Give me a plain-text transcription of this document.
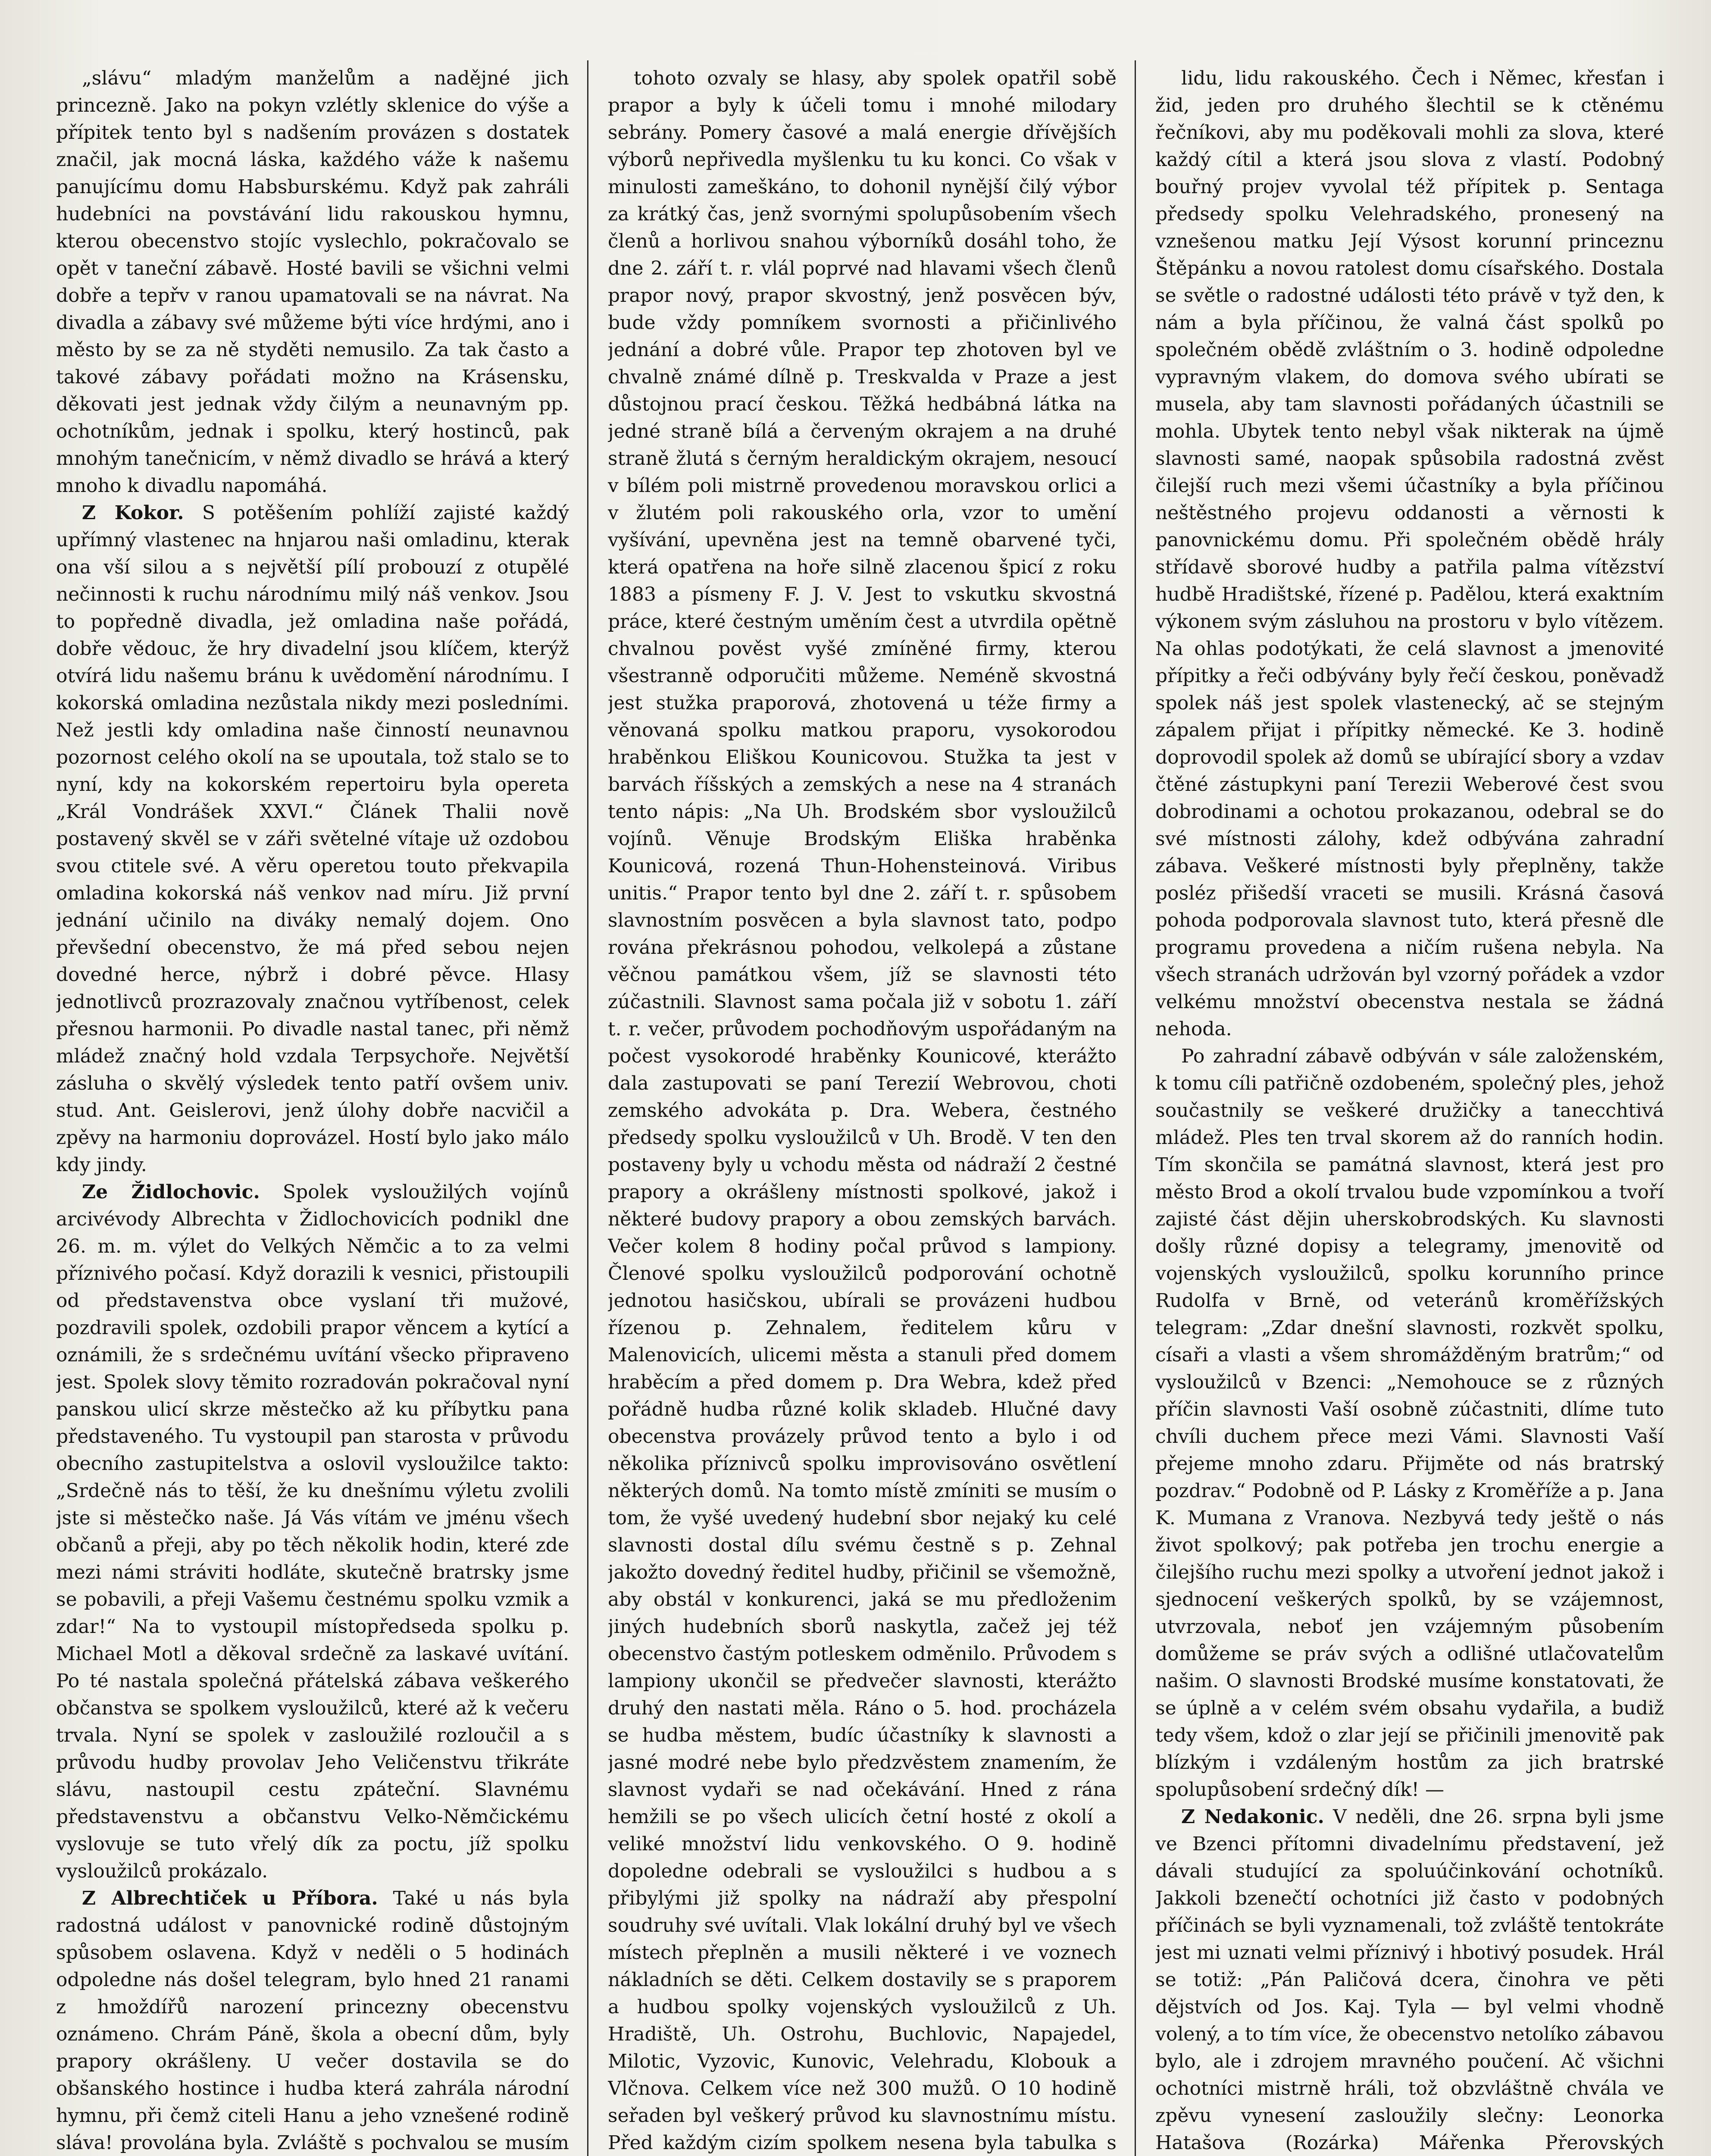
„slávu“ mladým manželům a nadějné jich princezně. Jako na pokyn vzlétly sklenice do výše a přípitek tento byl s nadšením provázen s dostatek značil, jak mocná láska, každého váže k našemu panujícímu domu Habsburskému. Když pak zahráli hudebníci na povstávání lidu rakouskou hymnu, kterou obecenstvo stojíc vyslechlo, pokračovalo se opět v taneční zábavě. Hosté bavili se všichni velmi dobře a tepřv v ranou upamatovali se na návrat. Na divadla a zábavy své můžeme býti více hrdými, ano i město by se za ně styděti nemusilo. Za tak často a takové zábavy pořádati možno na Krásensku, děkovati jest jednak vždy čilým a neunavným pp. ochotníkům, jednak i spolku, který hostinců, pak mnohým tanečnicím, v němž divadlo se hrává a který mnoho k divadlu napomáhá.

Z Kokor. S potěšením pohlíží zajisté každý upřímný vlastenec na hnjarou naši omladinu, kterak ona vší silou a s největší pílí probouzí z otupělé nečinnosti k ruchu národnímu milý náš venkov. Jsou to popředně divadla, jež omladina naše pořádá, dobře vědouc, že hry divadelní jsou klíčem, kterýž otvírá lidu našemu bránu k uvědomění národnímu. I kokorská omladina nezůstala nikdy mezi posledními. Než jestli kdy omladina naše činností neunavnou pozornost celého okolí na se upoutala, tož stalo se to nyní, kdy na kokorském repertoiru byla opereta „Král Vondrášek XXVI.“ Článek Thalii nově postavený skvěl se v záři světelné vítaje už ozdobou svou ctitele své. A věru operetou touto překvapila omladina kokorská náš venkov nad míru. Již první jednání učinilo na diváky nemalý dojem. Ono převšední obecenstvo, že má před sebou nejen dovedné herce, nýbrž i dobré pěvce. Hlasy jednotlivců prozrazovaly značnou vytříbenost, celek přesnou harmonii. Po divadle nastal tanec, při němž mládež značný hold vzdala Terpsychoře. Největší zásluha o skvělý výsledek tento patří ovšem univ. stud. Ant. Geislerovi, jenž úlohy dobře nacvičil a zpěvy na harmoniu doprovázel. Hostí bylo jako málo kdy jindy.

Ze Židlochovic. Spolek vysloužilých vojínů arcivévody Albrechta v Židlochovicích podnikl dne 26. m. m. výlet do Velkých Němčic a to za velmi příznivého počasí. Když dorazili k vesnici, přistoupili od představenstva obce vyslaní tři mužové, pozdravili spolek, ozdobili prapor věncem a kytící a oznámili, že s srdečnému uvítání všecko připraveno jest. Spolek slovy těmito rozradován pokračoval nyní panskou ulicí skrze městečko až ku příbytku pana představeného. Tu vystoupil pan starosta v průvodu obecního zastupitelstva a oslovil vysloužilce takto: „Srdečně nás to těší, že ku dnešnímu výletu zvolili jste si městečko naše. Já Vás vítám ve jménu všech občanů a přeji, aby po těch několik hodin, které zde mezi námi stráviti hodláte, skutečně bratrsky jsme se pobavili, a přeji Vašemu čestnému spolku vzmik a zdar!“ Na to vystoupil místopředseda spolku p. Michael Motl a děkoval srdečně za laskavé uvítání. Po té nastala společná přátelská zábava veškerého občanstva se spolkem vysloužilců, které až k večeru trvala. Nyní se spolek v zasloužilé rozloučil a s průvodu hudby provolav Jeho Veličenstvu třikráte slávu, nastoupil cestu zpáteční. Slavnému představenstvu a občanstvu Velko-Němčickému vyslovuje se tuto vřelý dík za poctu, jíž spolku vysloužilců prokázalo.

Z Albrechtiček u Příbora. Také u nás byla radostná událost v panovnické rodině důstojným spůsobem oslavena. Když v neděli o 5 hodinách odpoledne nás došel telegram, bylo hned 21 ranami z hmoždířů narození princezny obecenstvu oznámeno. Chrám Páně, škola a obecní dům, byly prapory okrášleny. U večer dostavila se do obšanského hostince i hudba která zahrála národní hymnu, při čemž citeli Hanu a jeho vznešené rodině sláva! provolána byla. Zvláště s pochvalou se musím

tohoto ozvaly se hlasy, aby spolek opatřil sobě prapor a byly k účeli tomu i mnohé milodary sebrány. Pomery časové a malá energie dřívějších výborů nepřivedla myšlenku tu ku konci. Co však v minulosti zameškáno, to dohonil nynější čilý výbor za krátký čas, jenž svornými spolupůsobením všech členů a horlivou snahou výborníků dosáhl toho, že dne 2. září t. r. vlál poprvé nad hlavami všech členů prapor nový, prapor skvostný, jenž posvěcen býv, bude vždy pomníkem svornosti a přičinlivého jednání a dobré vůle. Prapor tep zhotoven byl ve chvalně známé dílně p. Treskvalda v Praze a jest důstojnou prací českou. Těžká hedbábná látka na jedné straně bílá a červeným okrajem a na druhé straně žlutá s černým heraldickým okrajem, nesoucí v bílém poli mistrně provedenou moravskou orlici a v žlutém poli rakouského orla, vzor to umění vyšívání, upevněna jest na temně obarvené tyči, která opatřena na hoře silně zlacenou špicí z roku 1883 a písmeny F. J. V. Jest to vskutku skvostná práce, které čestným uměním čest a utvrdila opětně chvalnou pověst vyšé zmíněné firmy, kterou všestranně odporučiti můžeme. Neméně skvostná jest stužka praporová, zhotovená u téže firmy a věnovaná spolku matkou praporu, vysokorodou hraběnkou Eliškou Kounicovou. Stužka ta jest v barvách říšských a zemských a nese na 4 stranách tento nápis: „Na Uh. Brodském sbor vysloužilců vojínů. Věnuje Brodským Eliška hraběnka Kounicová, rozená Thun-Hohensteinová. Viribus unitis.“ Prapor tento byl dne 2. září t. r. spůsobem slavnostním posvěcen a byla slavnost tato, podpo rována překrásnou pohodou, velkolepá a zůstane věčnou památkou všem, jíž se slavnosti této zúčastnili. Slavnost sama počala již v sobotu 1. září t. r. večer, průvodem pochodňovým uspořádaným na počest vysokorodé hraběnky Kounicové, kterážto dala zastupovati se paní Terezií Webrovou, choti zemského advokáta p. Dra. Webera, čestného předsedy spolku vysloužilců v Uh. Brodě. V ten den postaveny byly u vchodu města od nádraží 2 čestné prapory a okrášleny místnosti spolkové, jakož i některé budovy prapory a obou zemských barvách. Večer kolem 8 hodiny počal průvod s lampiony. Členové spolku vysloužilců podporování ochotně jednotou hasičskou, ubírali se provázeni hudbou řízenou p. Zehnalem, ředitelem kůru v Malenovicích, ulicemi města a stanuli před domem hraběcím a před domem p. Dra Webra, kdež před pořádně hudba různé kolik skladeb. Hlučné davy obecenstva provázely průvod tento a bylo i od několika příznivců spolku improvisováno osvětlení některých domů. Na tomto místě zmíniti se musím o tom, že vyšé uvedený hudební sbor nejaký ku celé slavnosti dostal dílu svému čestně s p. Zehnal jakožto dovedný ředitel hudby, přičinil se všemožně, aby obstál v konkurenci, jaká se mu předloženim jiných hudebních sborů naskytla, začež jej též obecenstvo častým potleskem odměnilo. Průvodem s lampiony ukončil se předvečer slavnosti, kterážto druhý den nastati měla. Ráno o 5. hod. procházela se hudba městem, budíc účastníky k slavnosti a jasné modré nebe bylo předzvěstem znamením, že slavnost vydaři se nad očekávání. Hned z rána hemžili se po všech ulicích četní hosté z okolí a veliké množství lidu venkovského. O 9. hodině dopoledne odebrali se vysloužilci s hudbou a s přibylými již spolky na nádraží aby přespolní soudruhy své uvítali. Vlak lokální druhý byl ve všech místech přeplněn a musili některé i ve voznech nákladních se děti. Celkem dostavily se s praporem a hudbou spolky vojenských vysloužilců z Uh. Hradiště, Uh. Ostrohu, Buchlovic, Napajedel, Milotic, Vyzovic, Kunovic, Velehradu, Klobouk a Vlčnova. Celkem více než 300 mužů. O 10 hodině seřaden byl veškerý průvod ku slavnostnímu místu. Před každým cizím spolkem nesena byla tabulka s

lidu, lidu rakouského. Čech i Němec, křesťan i žid, jeden pro druhého šlechtil se k ctěnému řečníkovi, aby mu poděkovali mohli za slova, které každý cítil a která jsou slova z vlastí. Podobný bouřný projev vyvolal též přípitek p. Sentaga předsedy spolku Velehradského, pronesený na vznešenou matku Její Výsost korunní princeznu Štěpánku a novou ratolest domu císařského. Dostala se světle o radostné události této právě v tyž den, k nám a byla příčinou, že valná část spolků po společném obědě zvláštním o 3. hodině odpoledne vypravným vlakem, do domova svého ubírati se musela, aby tam slavnosti pořádaných účastnili se mohla. Ubytek tento nebyl však nikterak na újmě slavnosti samé, naopak spůsobila radostná zvěst čilejší ruch mezi všemi účastníky a byla příčinou neštěstného projevu oddanosti a věrnosti k panovnickému domu. Při společném obědě hrály střídavě sborové hudby a patřila palma vítězství hudbě Hradištské, řízené p. Padělou, která exaktním výkonem svým zásluhou na prostoru v bylo vítězem. Na ohlas podotýkati, že celá slavnost a jmenovité přípitky a řeči odbývány byly řečí českou, poněvadž spolek náš jest spolek vlastenecký, ač se stejným zápalem přijat i přípitky německé. Ke 3. hodině doprovodil spolek až domů se ubírající sbory a vzdav čtěné zástupkyni paní Terezii Weberové čest svou dobrodinami a ochotou prokazanou, odebral se do své místnosti zálohy, kdež odbývána zahradní zábava. Veškeré místnosti byly přeplněny, takže posléz přišedší vraceti se musili. Krásná časová pohoda podporovala slavnost tuto, která přesně dle programu provedena a ničím rušena nebyla. Na všech stranách udržován byl vzorný pořádek a vzdor velkému množství obecenstva nestala se žádná nehoda.

Po zahradní zábavě odbýván v sále založenském, k tomu cíli patřičně ozdobeném, společný ples, jehož součastnily se veškeré družičky a tanecchtivá mládež. Ples ten trval skorem až do ranních hodin. Tím skončila se památná slavnost, která jest pro město Brod a okolí trvalou bude vzpomínkou a tvoří zajisté část dějin uherskobrodských. Ku slavnosti došly různé dopisy a telegramy, jmenovitě od vojenských vysloužilců, spolku korunního prince Rudolfa v Brně, od veteránů kroměřížských telegram: „Zdar dnešní slavnosti, rozkvět spolku, císaři a vlasti a všem shromážděným bratrům;“ od vysloužilců v Bzenci: „Nemohouce se z různých příčin slavnosti Vaší osobně zúčastniti, dlíme tuto chvíli duchem přece mezi Vámi. Slavnosti Vaší přejeme mnoho zdaru. Přijměte od nás bratrský pozdrav.“ Podobně od P. Lásky z Kroměříže a p. Jana K. Mumana z Vranova. Nezbyvá tedy ještě o nás život spolkový; pak potřeba jen trochu energie a čilejšího ruchu mezi spolky a utvoření jednot jakož i sjednocení veškerých spolků, by se vzájemnost, utvrzovala, neboť jen vzájemným působením domůžeme se práv svých a odlišné utlačovatelům našim. O slavnosti Brodské musíme konstatovati, že se úplně a v celém svém obsahu vydařila, a budiž tedy všem, kdož o zlar její se přičinili jmenovitě pak blízkým i vzdáleným hostům za jich bratrské spolupůsobení srdečný dík! —

Z Nedakonic. V neděli, dne 26. srpna byli jsme ve Bzenci přítomni divadelnímu představení, jež dávali studující za spoluúčinkování ochotníků. Jakkoli bzenečtí ochotníci již často v podobných příčinách se byli vyznamenali, tož zvláště tentokráte jest mi uznati velmi příznivý i hbotivý posudek. Hrál se totiž: „Pán Paličová dcera, činohra ve pěti dějstvích od Jos. Kaj. Tyla — byl velmi vhodně volený, a to tím více, že obecenstvo netolíko zábavou bylo, ale i zdrojem mravného poučení. Ač všichni ochotníci mistrně hráli, tož obzvláštně chvála ve zpěvu vynesení zasloužily slečny: Leonorka Hatašova (Rozárka) Mářenka Přerovských
